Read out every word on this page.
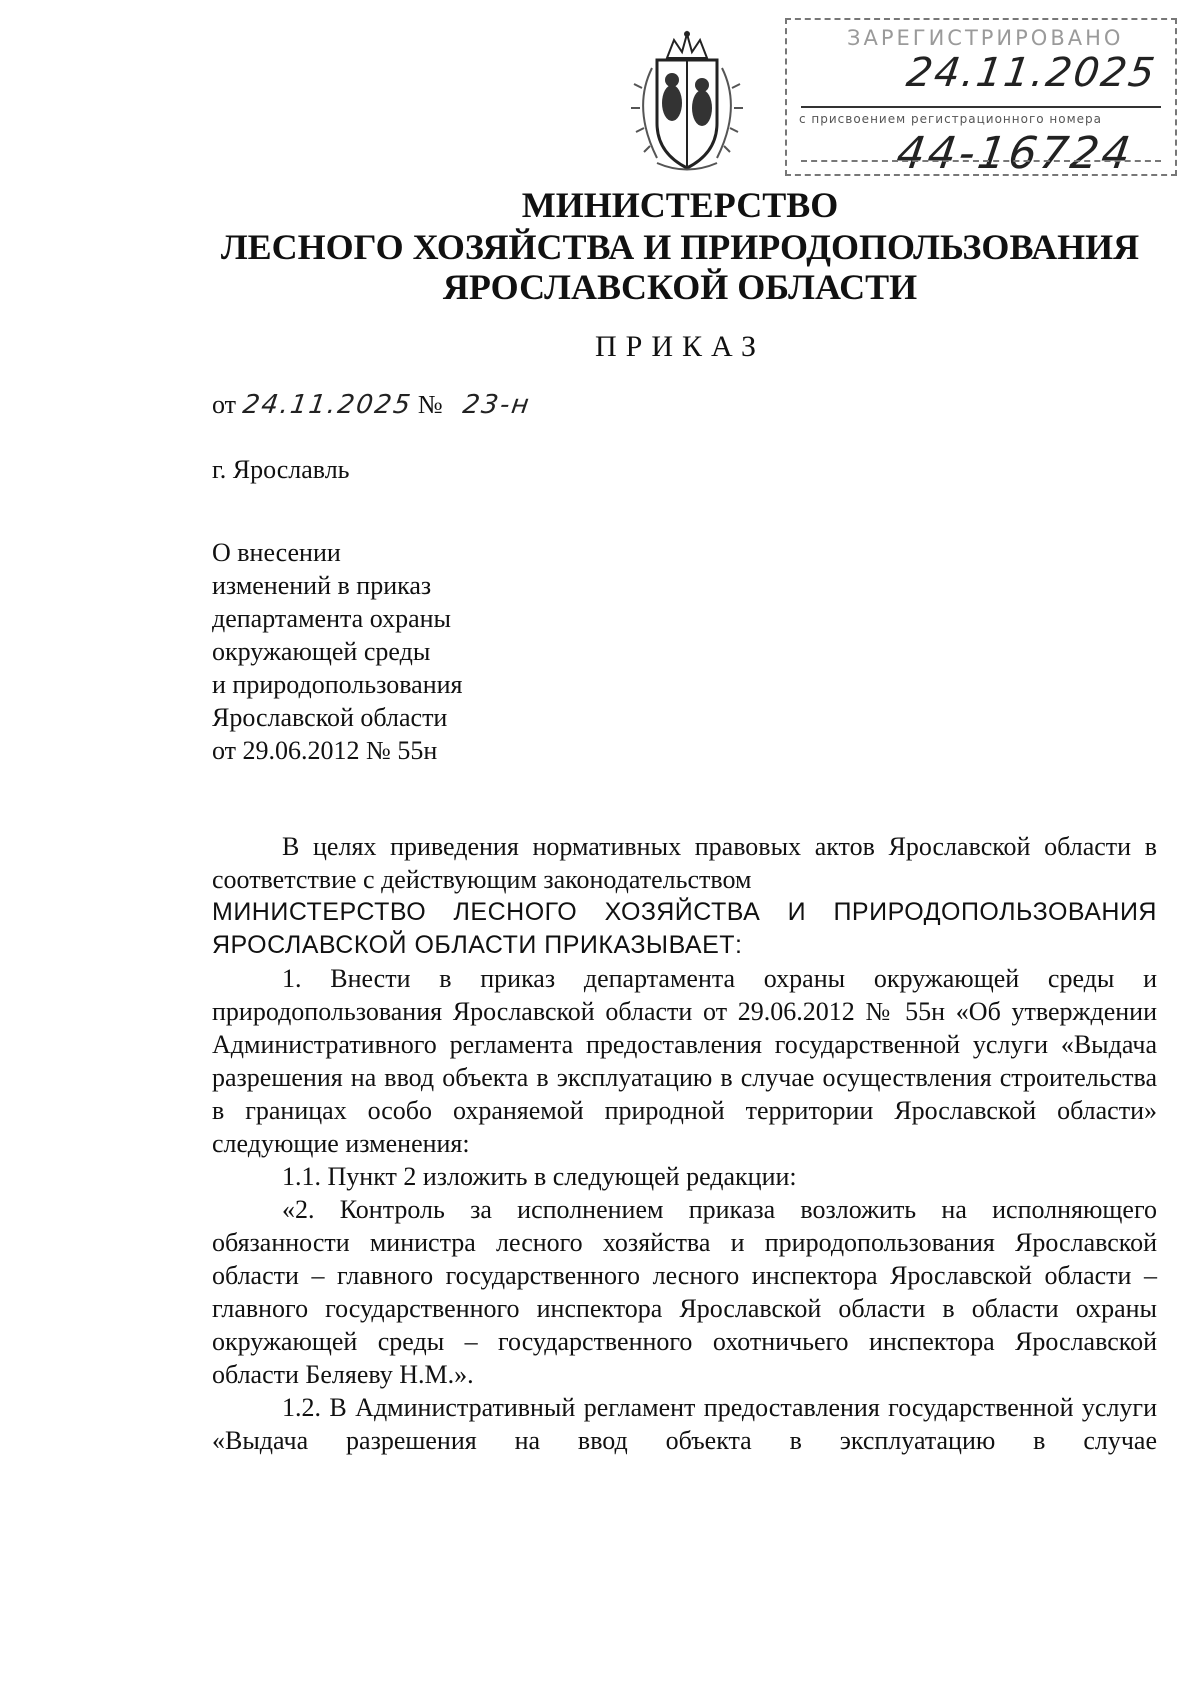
ЗАРЕГИСТРИРОВАНО
24.11.2025
с присвоением регистрационного номера
44-16724
МИНИСТЕРСТВО
ЛЕСНОГО ХОЗЯЙСТВА И ПРИРОДОПОЛЬЗОВАНИЯ
ЯРОСЛАВСКОЙ ОБЛАСТИ
ПРИКАЗ
от 24.11.2025 № 23-н
г. Ярославль
О внесении
изменений в приказ
департамента охраны
окружающей среды
и природопользования
Ярославской области
от 29.06.2012 № 55н

В целях приведения нормативных правовых актов Ярославской области в соответствие с действующим законодательством

МИНИСТЕРСТВО ЛЕСНОГО ХОЗЯЙСТВА И ПРИРОДОПОЛЬЗОВАНИЯ ЯРОСЛАВСКОЙ ОБЛАСТИ ПРИКАЗЫВАЕТ:

1. Внести в приказ департамента охраны окружающей среды и природопользования Ярославской области от 29.06.2012 № 55н «Об утверждении Административного регламента предоставления государственной услуги «Выдача разрешения на ввод объекта в эксплуатацию в случае осуществления строительства в границах особо охраняемой природной территории Ярославской области» следующие изменения:

1.1. Пункт 2 изложить в следующей редакции:

«2. Контроль за исполнением приказа возложить на исполняющего обязанности министра лесного хозяйства и природопользования Ярославской области – главного государственного лесного инспектора Ярославской области – главного государственного инспектора Ярославской области в области охраны окружающей среды – государственного охотничьего инспектора Ярославской области Беляеву Н.М.».

1.2. В Административный регламент предоставления государственной услуги «Выдача разрешения на ввод объекта в эксплуатацию в случае
